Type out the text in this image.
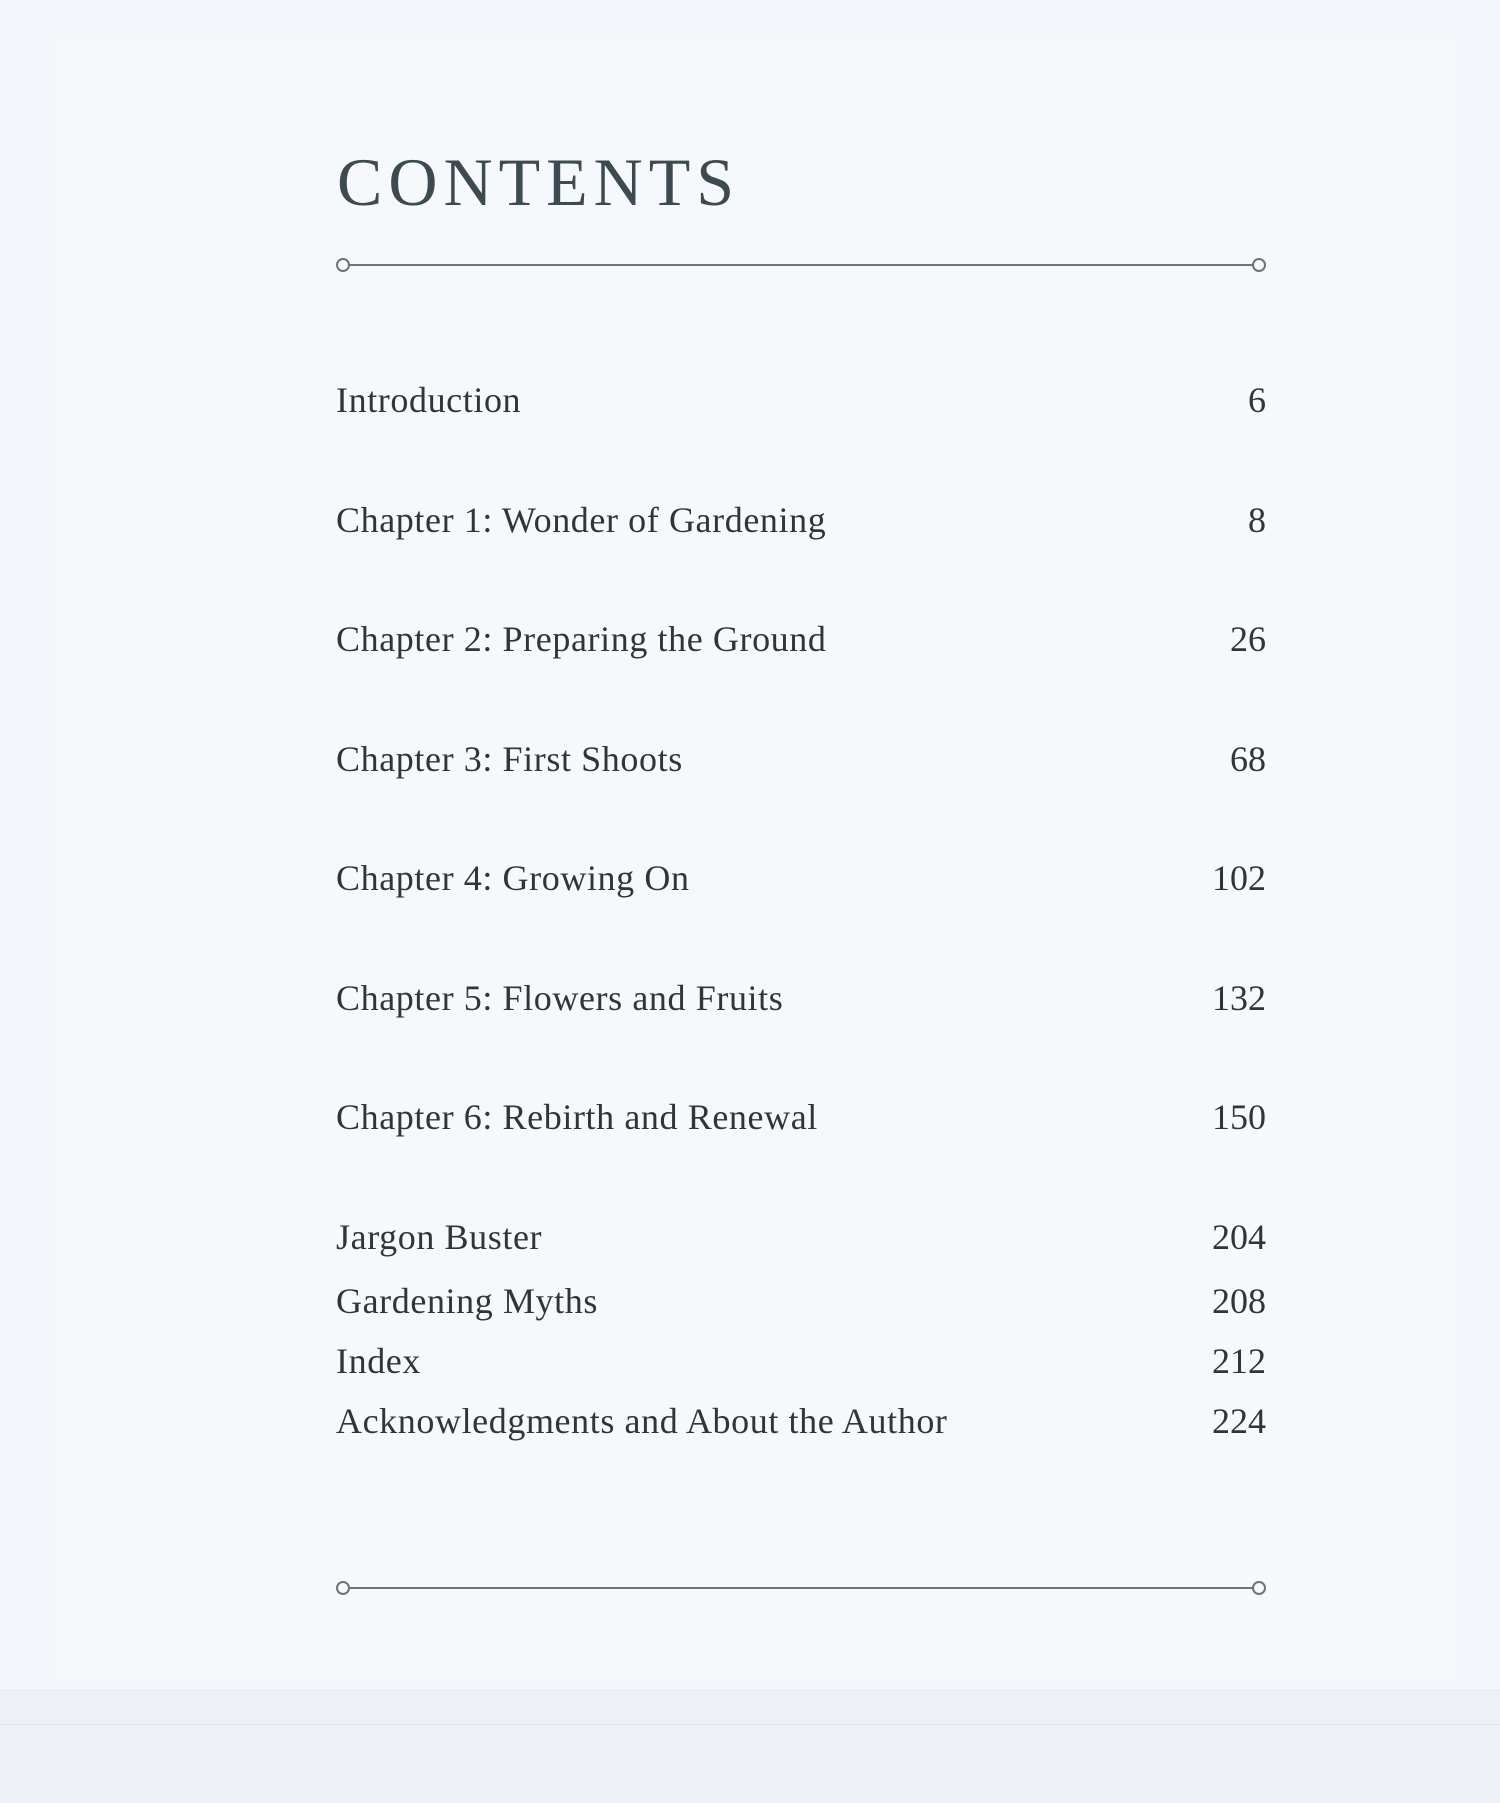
CONTENTS
Introduction	6
Chapter 1: Wonder of Gardening	8
Chapter 2: Preparing the Ground	26
Chapter 3: First Shoots	68
Chapter 4: Growing On	102
Chapter 5: Flowers and Fruits	132
Chapter 6: Rebirth and Renewal	150
Jargon Buster	204
Gardening Myths	208
Index	212
Acknowledgments and About the Author	224
